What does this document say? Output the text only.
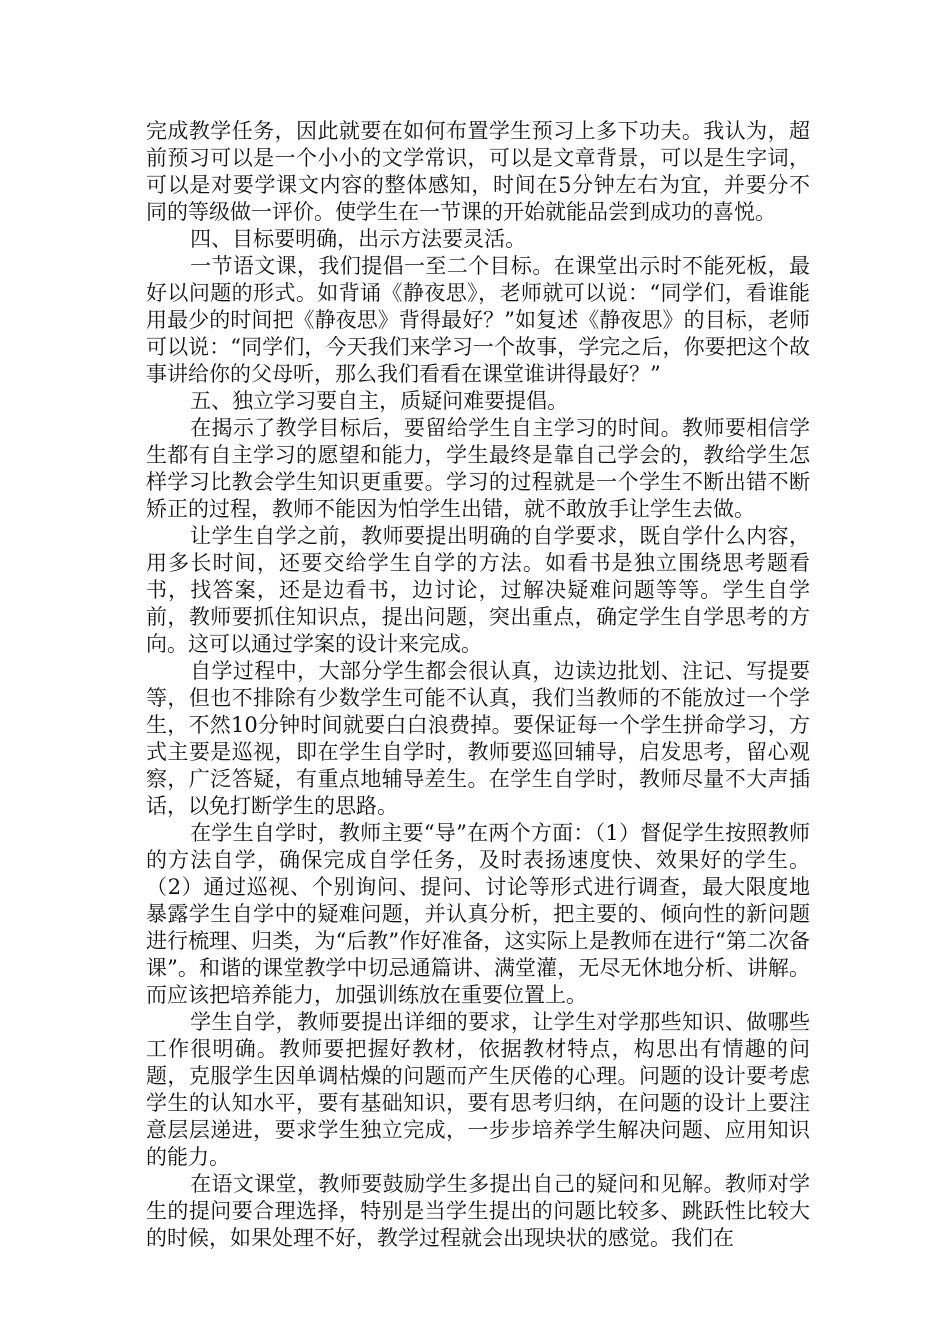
完成教学任务，因此就要在如何布置学生预习上多下功夫。我认为，超前预习可以是一个小小的文学常识，可以是文章背景，可以是生字词，可以是对要学课文内容的整体感知，时间在5分钟左右为宜，并要分不同的等级做一评价。使学生在一节课的开始就能品尝到成功的喜悦。

四、目标要明确，出示方法要灵活。

一节语文课，我们提倡一至二个目标。在课堂出示时不能死板，最好以问题的形式。如背诵《静夜思》，老师就可以说：“同学们，看谁能用最少的时间把《静夜思》背得最好？”如复述《静夜思》的目标，老师可以说：“同学们，今天我们来学习一个故事，学完之后，你要把这个故事讲给你的父母听，那么我们看看在课堂谁讲得最好？”

五、独立学习要自主，质疑问难要提倡。

在揭示了教学目标后，要留给学生自主学习的时间。教师要相信学生都有自主学习的愿望和能力，学生最终是靠自己学会的，教给学生怎样学习比教会学生知识更重要。学习的过程就是一个学生不断出错不断矫正的过程，教师不能因为怕学生出错，就不敢放手让学生去做。

让学生自学之前，教师要提出明确的自学要求，既自学什么内容，用多长时间，还要交给学生自学的方法。如看书是独立围绕思考题看书，找答案，还是边看书，边讨论，过解决疑难问题等等。学生自学前，教师要抓住知识点，提出问题，突出重点，确定学生自学思考的方向。这可以通过学案的设计来完成。

自学过程中，大部分学生都会很认真，边读边批划、注记、写提要等，但也不排除有少数学生可能不认真，我们当教师的不能放过一个学生，不然10分钟时间就要白白浪费掉。要保证每一个学生拼命学习，方式主要是巡视，即在学生自学时，教师要巡回辅导，启发思考，留心观察，广泛答疑，有重点地辅导差生。在学生自学时，教师尽量不大声插话，以免打断学生的思路。

在学生自学时，教师主要“导”在两个方面：（1）督促学生按照教师的方法自学，确保完成自学任务，及时表扬速度快、效果好的学生。（2）通过巡视、个别询问、提问、讨论等形式进行调查，最大限度地暴露学生自学中的疑难问题，并认真分析，把主要的、倾向性的新问题进行梳理、归类，为“后教”作好准备，这实际上是教师在进行“第二次备课”。和谐的课堂教学中切忌通篇讲、满堂灌，无尽无休地分析、讲解。而应该把培养能力，加强训练放在重要位置上。

学生自学，教师要提出详细的要求，让学生对学那些知识、做哪些工作很明确。教师要把握好教材，依据教材特点，构思出有情趣的问题，克服学生因单调枯燥的问题而产生厌倦的心理。问题的设计要考虑学生的认知水平，要有基础知识，要有思考归纳，在问题的设计上要注意层层递进，要求学生独立完成，一步步培养学生解决问题、应用知识的能力。

在语文课堂，教师要鼓励学生多提出自己的疑问和见解。教师对学生的提问要合理选择，特别是当学生提出的问题比较多、跳跃性比较大的时候，如果处理不好，教学过程就会出现块状的感觉。我们在
